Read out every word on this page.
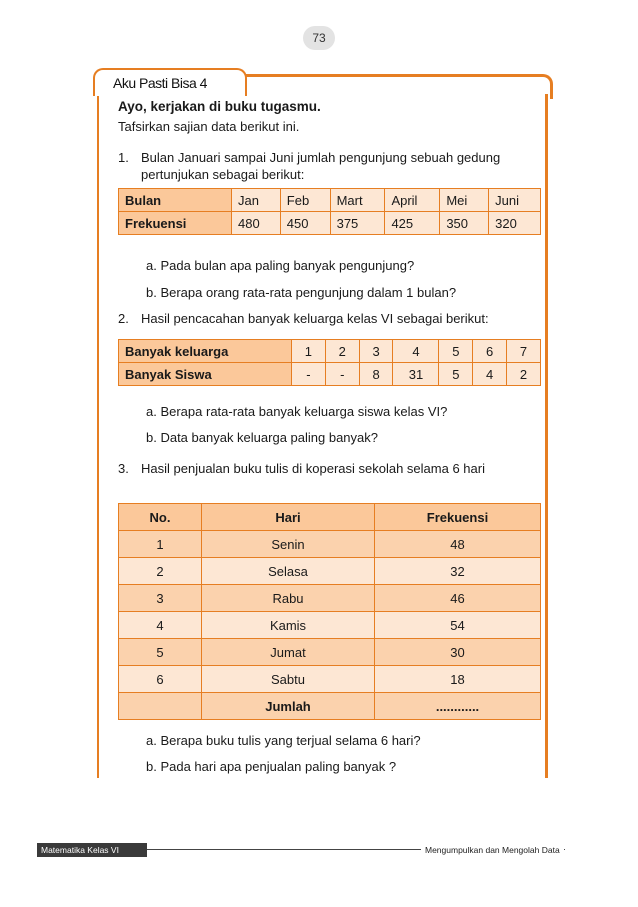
73
Aku Pasti Bisa 4
Ayo, kerjakan di buku tugasmu.
Tafsirkan sajian data berikut ini.
1. Bulan Januari sampai Juni jumlah pengunjung sebuah gedung
pertunjukan sebagai berikut:
Bulan	Jan	Feb	Mart	April	Mei	Juni
Frekuensi	480	450	375	425	350	320
a. Pada bulan apa paling banyak pengunjung?
b. Berapa orang rata-rata pengunjung dalam 1 bulan?
2. Hasil pencacahan banyak keluarga kelas VI sebagai berikut:
Banyak keluarga	1	2	3	4	5	6	7
Banyak Siswa	-	-	8	31	5	4	2
a. Berapa rata-rata banyak keluarga siswa kelas VI?
b. Data banyak keluarga paling banyak?
3. Hasil penjualan buku tulis di koperasi sekolah selama 6 hari
No.	Hari	Frekuensi
1	Senin	48
2	Selasa	32
3	Rabu	46
4	Kamis	54
5	Jumat	30
6	Sabtu	18
	Jumlah	............
a. Berapa buku tulis yang terjual selama 6 hari?
b. Pada hari apa penjualan paling banyak ?
Matematika Kelas VI	Mengumpulkan dan Mengolah Data
